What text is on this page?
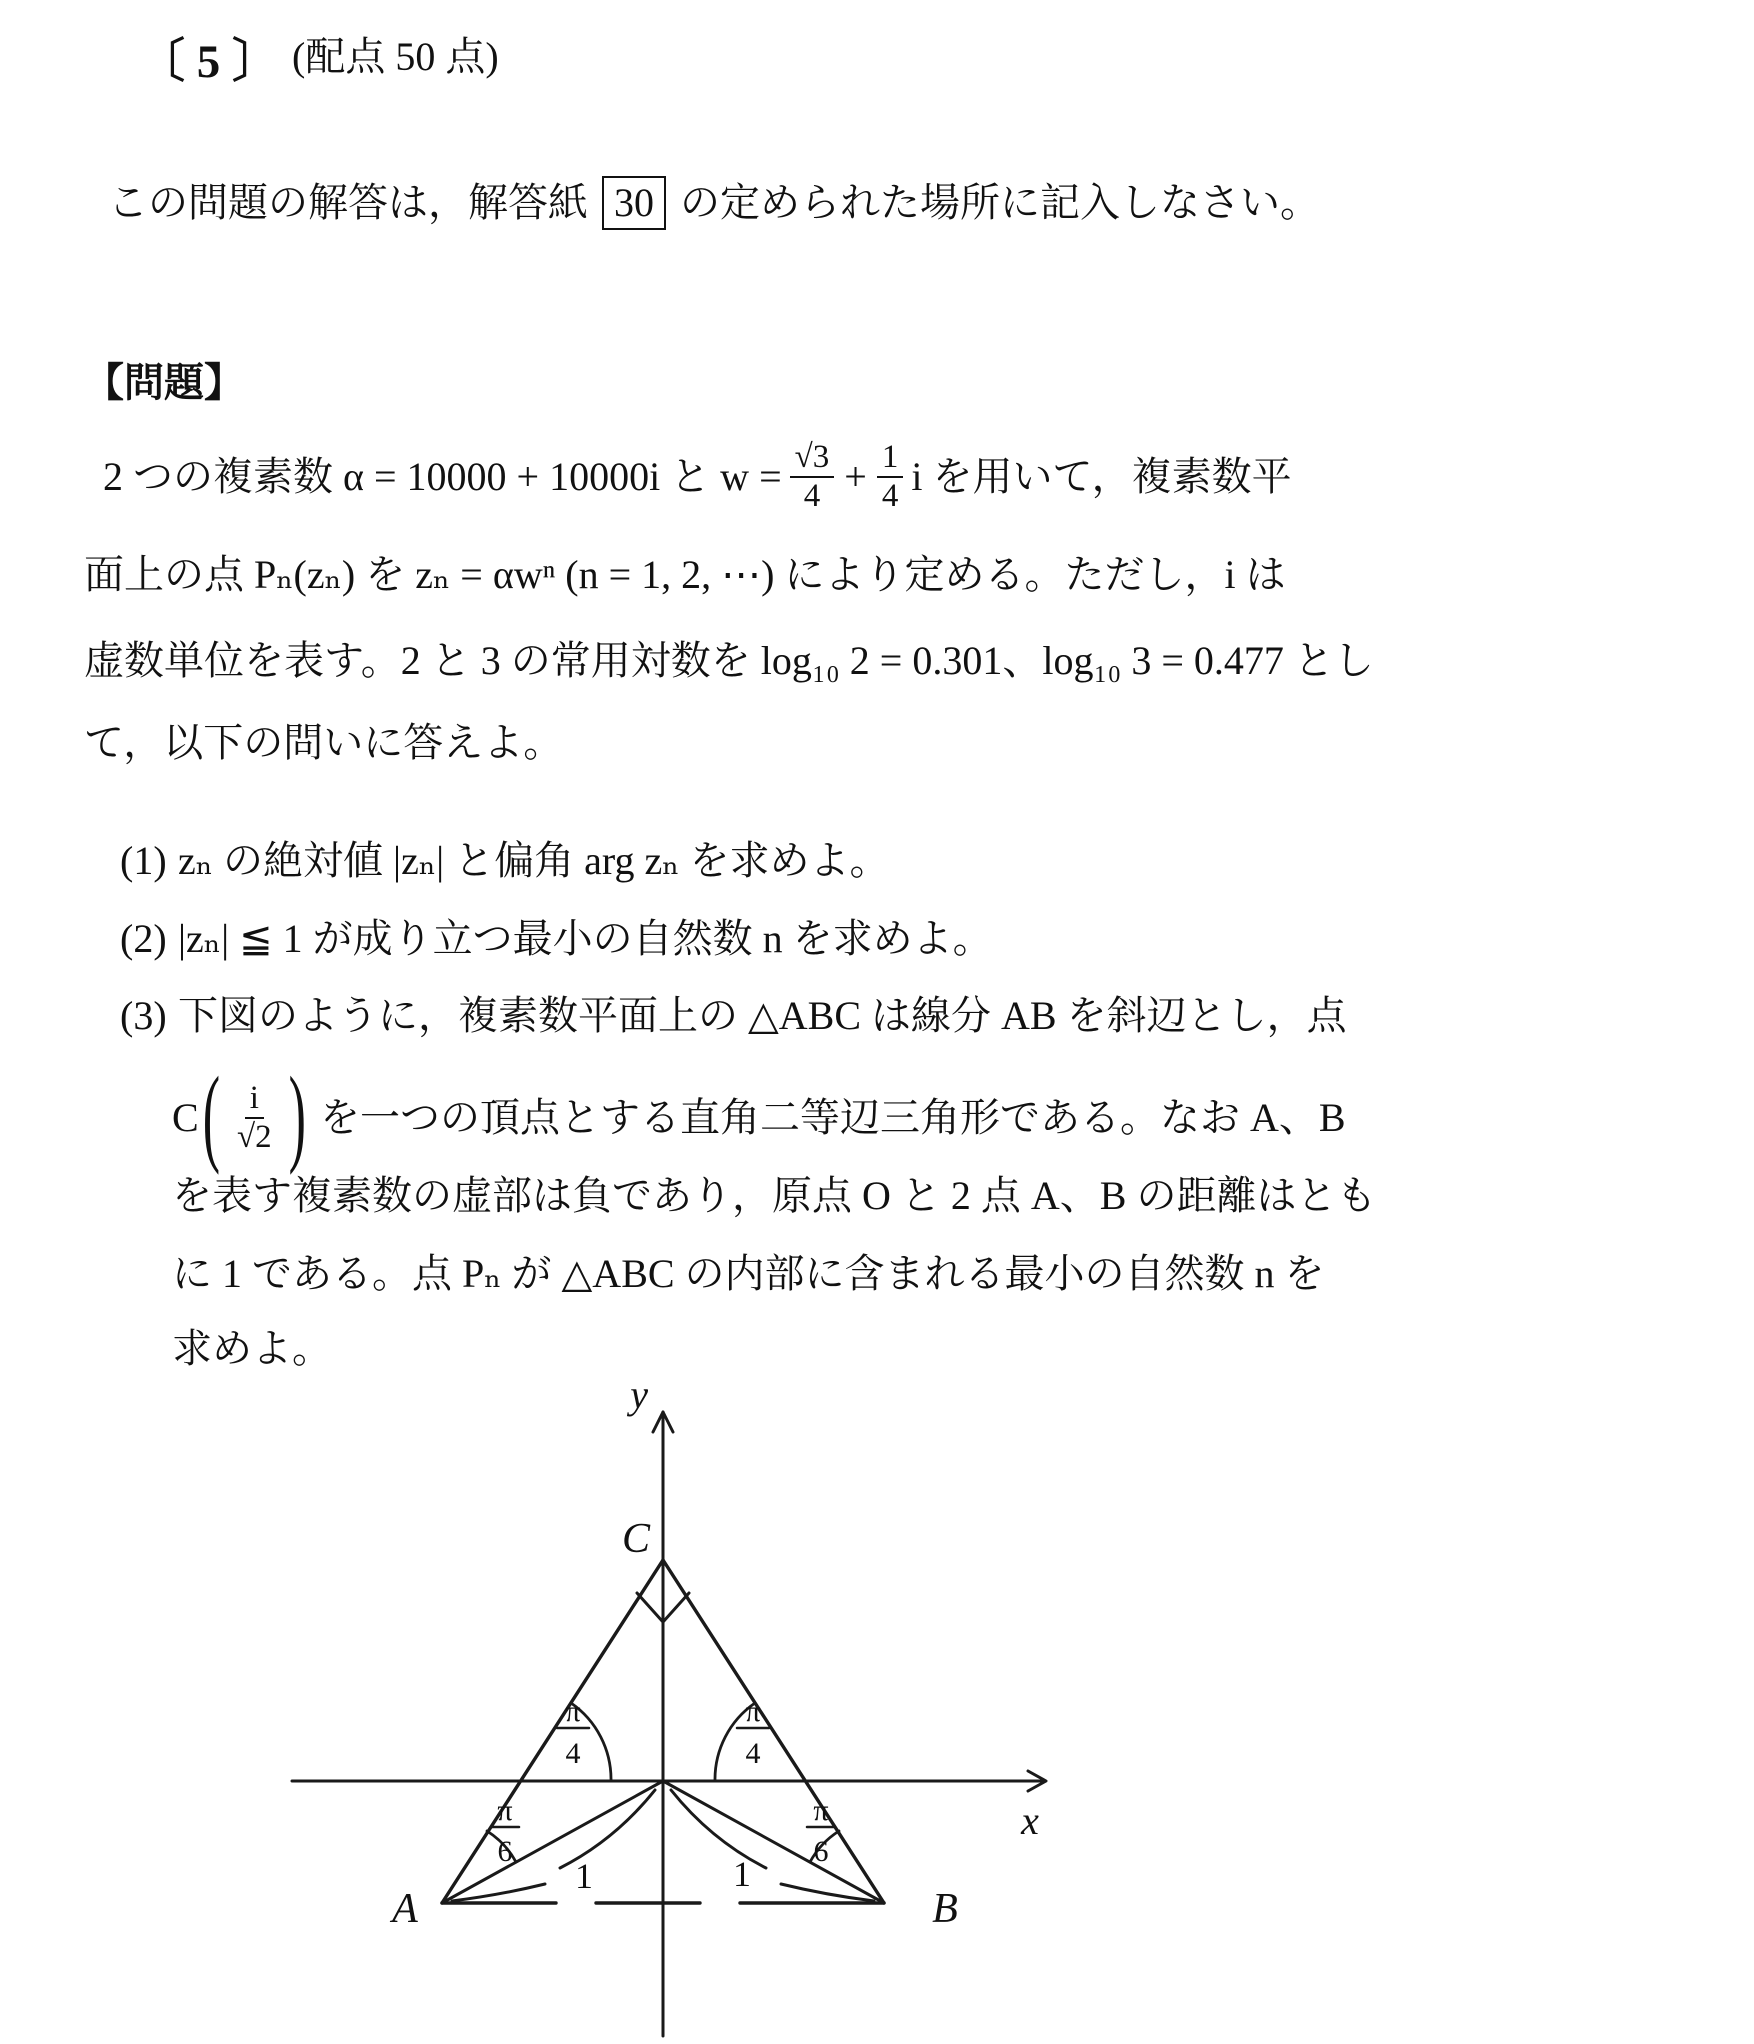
〔 5 〕 (配点 50 点)
この問題の解答は，解答紙 30 の定められた場所に記入しなさい。
【問題】
2 つの複素数 α = 10000 + 10000i と $w = \frac{√3}{4} + \frac{1}{4}$ i を用いて，複素数平
面上の点 Pₙ(zₙ) を zₙ = αwⁿ (n = 1, 2, ⋯) により定める。ただし，i は
虚数単位を表す。2 と 3 の常用対数を log₁₀ 2 = 0.301、log₁₀ 3 = 0.477 とし
て，以下の問いに答えよ。
(1) zₙ の絶対値 |zₙ| と偏角 arg zₙ を求めよ。
(2) |zₙ| ≦ 1 が成り立つ最小の自然数 n を求めよ。
(3) 下図のように，複素数平面上の △ABC は線分 AB を斜辺とし，点
C ( $\frac{i}{√2}$ ) を一つの頂点とする直角二等辺三角形である。なお A、B
を表す複素数の虚部は負であり，原点 O と 2 点 A、B の距離はとも
に 1 である。点 Pₙ が △ABC の内部に含まれる最小の自然数 n を
求めよ。
y
x
C
A	B
π
4
π
4
π
6
π
6
1	1
